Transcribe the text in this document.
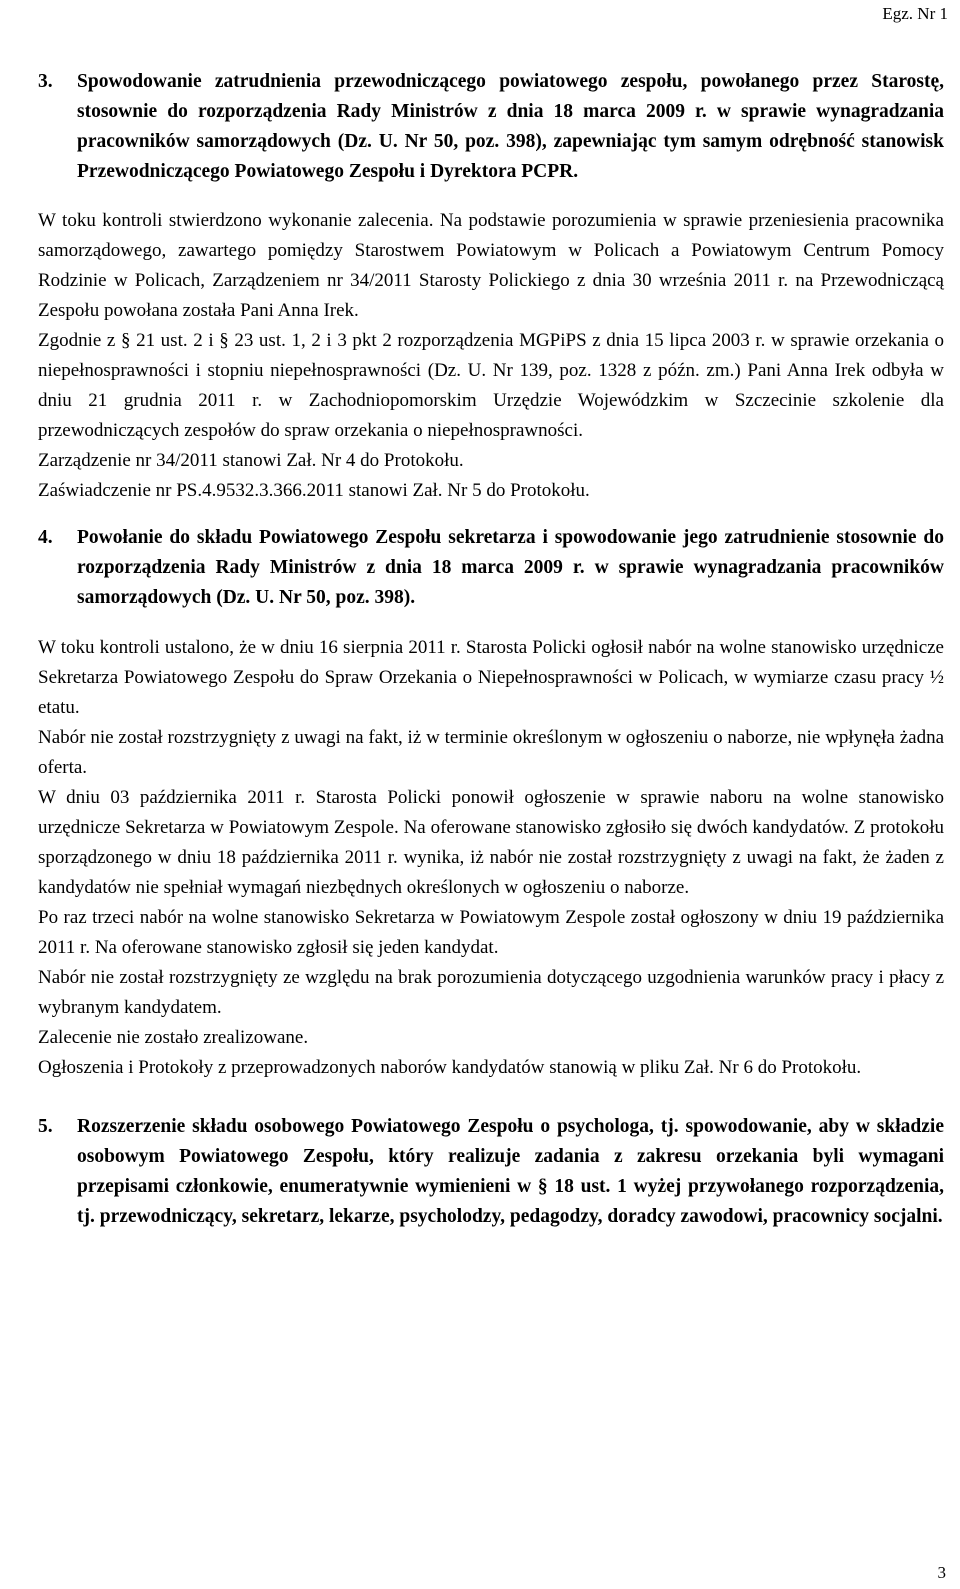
Egz. Nr 1
3.	Spowodowanie zatrudnienia przewodniczącego powiatowego zespołu, powołanego przez Starostę, stosownie do rozporządzenia Rady Ministrów z dnia 18 marca 2009 r. w sprawie wynagradzania pracowników samorządowych (Dz. U. Nr 50, poz. 398), zapewniając tym samym odrębność stanowisk Przewodniczącego Powiatowego Zespołu i Dyrektora PCPR.

W toku kontroli stwierdzono wykonanie zalecenia. Na podstawie porozumienia w sprawie przeniesienia pracownika samorządowego, zawartego pomiędzy Starostwem Powiatowym w Policach a Powiatowym Centrum Pomocy Rodzinie w Policach, Zarządzeniem nr 34/2011 Starosty Polickiego z dnia 30 września 2011 r. na Przewodniczącą Zespołu powołana została Pani Anna Irek.

Zgodnie z § 21 ust. 2 i § 23 ust. 1, 2 i 3 pkt 2 rozporządzenia MGPiPS z dnia 15 lipca 2003 r. w sprawie orzekania o niepełnosprawności i stopniu niepełnosprawności (Dz. U. Nr 139, poz. 1328 z późn. zm.) Pani Anna Irek odbyła w dniu 21 grudnia 2011 r. w Zachodniopomorskim Urzędzie Wojewódzkim w Szczecinie szkolenie dla przewodniczących zespołów do spraw orzekania o niepełnosprawności.

Zarządzenie nr 34/2011 stanowi Zał. Nr 4 do Protokołu.

Zaświadczenie nr PS.4.9532.3.366.2011 stanowi Zał. Nr 5 do Protokołu.

4.	Powołanie do składu Powiatowego Zespołu sekretarza i spowodowanie jego zatrudnienie stosownie do rozporządzenia Rady Ministrów z dnia 18 marca 2009 r. w sprawie wynagradzania pracowników samorządowych (Dz. U. Nr 50, poz. 398).

W toku kontroli ustalono, że w dniu 16 sierpnia 2011 r. Starosta Policki ogłosił nabór na wolne stanowisko urzędnicze Sekretarza Powiatowego Zespołu do Spraw Orzekania o Niepełnosprawności w Policach, w wymiarze czasu pracy ½ etatu.

Nabór nie został rozstrzygnięty z uwagi na fakt, iż w terminie określonym w ogłoszeniu o naborze, nie wpłynęła żadna oferta.

W dniu 03 października 2011 r. Starosta Policki ponowił ogłoszenie w sprawie naboru na wolne stanowisko urzędnicze Sekretarza w Powiatowym Zespole. Na oferowane stanowisko zgłosiło się dwóch kandydatów. Z protokołu sporządzonego w dniu 18 października 2011 r. wynika, iż nabór nie został rozstrzygnięty z uwagi na fakt, że żaden z kandydatów nie spełniał wymagań niezbędnych określonych w ogłoszeniu o naborze.

Po raz trzeci nabór na wolne stanowisko Sekretarza w Powiatowym Zespole został ogłoszony w dniu 19 października 2011 r. Na oferowane stanowisko zgłosił się jeden kandydat.

Nabór nie został rozstrzygnięty ze względu na brak porozumienia dotyczącego uzgodnienia warunków pracy i płacy z wybranym kandydatem.

Zalecenie nie zostało zrealizowane.

Ogłoszenia i Protokoły z przeprowadzonych naborów kandydatów stanowią w pliku Zał. Nr 6 do Protokołu.

5.	Rozszerzenie składu osobowego Powiatowego Zespołu o psychologa, tj. spowodowanie, aby w składzie osobowym Powiatowego Zespołu, który realizuje zadania z zakresu orzekania byli wymagani przepisami członkowie, enumeratywnie wymienieni w § 18 ust. 1 wyżej przywołanego rozporządzenia, tj. przewodniczący, sekretarz, lekarze, psycholodzy, pedagodzy, doradcy zawodowi, pracownicy socjalni.
3
